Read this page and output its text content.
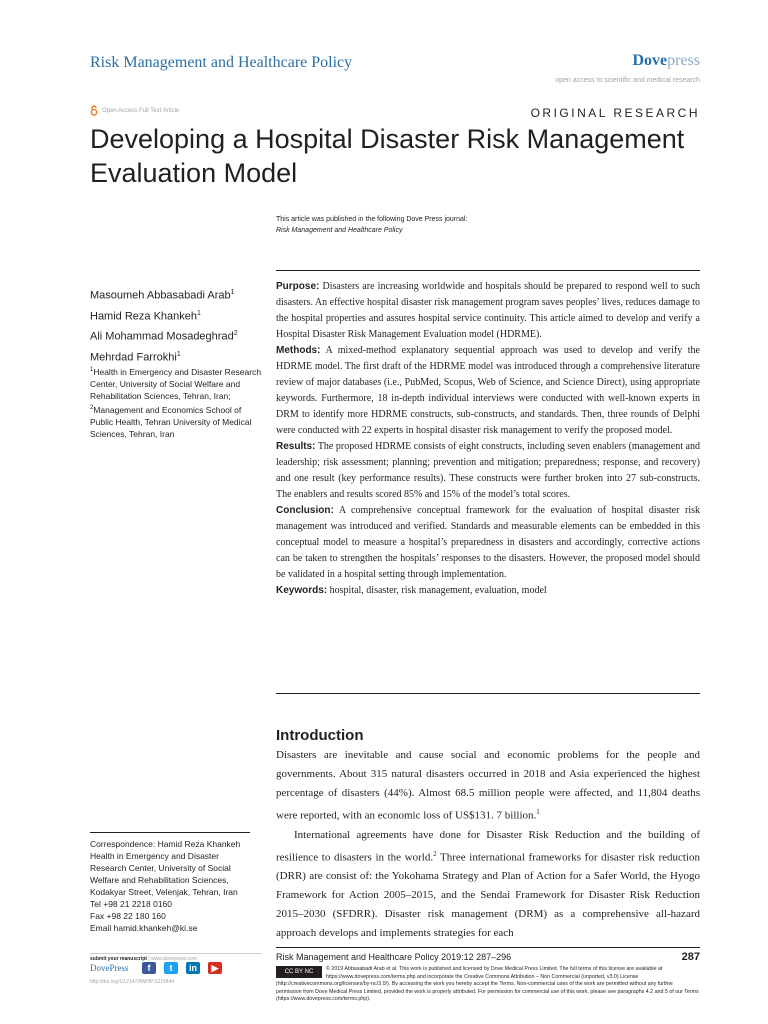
Risk Management and Healthcare Policy	Dovepress
open access to scientific and medical research
Open Access Full Text Article	ORIGINAL RESEARCH
Developing a Hospital Disaster Risk Management Evaluation Model
This article was published in the following Dove Press journal:
Risk Management and Healthcare Policy
Masoumeh Abbasabadi Arab$^1$
Hamid Reza Khankeh$^1$
Ali Mohammad Mosadeghrad$^2$
Mehrdad Farrokhi$^1$
$^1$Health in Emergency and Disaster Research Center, University of Social Welfare and Rehabilitation Sciences, Tehran, Iran; $^2$Management and Economics School of Public Health, Tehran University of Medical Sciences, Tehran, Iran

Purpose: Disasters are increasing worldwide and hospitals should be prepared to respond well to such disasters. An effective hospital disaster risk management program saves peoples’ lives, reduces damage to the hospital properties and assures hospital service continuity. This article aimed to develop and verify a Hospital Disaster Risk Management Evaluation model (HDRME).

Methods: A mixed-method explanatory sequential approach was used to develop and verify the HDRME model. The first draft of the HDRME model was introduced through a comprehensive literature review of major databases (i.e., PubMed, Scopus, Web of Science, and Science Direct), using appropriate keywords. Furthermore, 18 in-depth individual interviews were conducted with well-known experts in DRM to identify more HDRME constructs, sub-constructs, and standards. Then, three rounds of Delphi were conducted with 22 experts in hospital disaster risk management to verify the proposed model.

Results: The proposed HDRME consists of eight constructs, including seven enablers (management and leadership; risk assessment; planning; prevention and mitigation; preparedness; response, and recovery) and one result (key performance results). These constructs were further broken into 27 sub-constructs. The enablers and results scored 85% and 15% of the model’s total scores.

Conclusion: A comprehensive conceptual framework for the evaluation of hospital disaster risk management was introduced and verified. Standards and measurable elements can be embedded in this conceptual model to measure a hospital’s preparedness in disasters and accordingly, corrective actions can be taken to strengthen the hospitals’ responses to the disasters. However, the proposed model should be validated in a hospital setting through implementation.

Keywords: hospital, disaster, risk management, evaluation, model

Introduction

Disasters are inevitable and cause social and economic problems for the people and governments. About 315 natural disasters occurred in 2018 and Asia experienced the highest percentage of disasters (44%). Almost 68.5 million people were affected, and 11,804 deaths were reported, with an economic loss of US$131. 7 billion.$^1$

International agreements have done for Disaster Risk Reduction and the building of resilience to disasters in the world.$^2$ Three international frameworks for disaster risk reduction (DRR) are consist of: the Yokohama Strategy and Plan of Action for a Safer World, the Hyogo Framework for Action 2005–2015, and the Sendai Framework for Disaster Risk Reduction 2015–2030 (SFDRR). Disaster risk management (DRM) as a comprehensive all-hazard approach develops and implements strategies for each

Correspondence: Hamid Reza Khankeh
Health in Emergency and Disaster
Research Center, University of Social
Welfare and Rehabilitation Sciences,
Kodakyar Street, Velenjak, Tehran, Iran
Tel +98 21 2218 0160
Fax +98 22 180 160
Email hamid.khankeh@ki.se
submit your manuscript | www.dovepress.com
DovePress	f	t	in	▶
http://doi.org/10.2147/RMHP.S215444
Risk Management and Healthcare Policy 2019:12 287–296	287
CC BY NC	© 2019 Abbasabadi Arab et al. This work is published and licensed by Dove Medical Press Limited. The full terms of this license are available at https://www.dovepress.com/terms.php and incorporate the Creative Commons Attribution – Non Commercial (unported, v3.0) License (http://creativecommons.org/licenses/by-nc/3.0/). By accessing the work you hereby accept the Terms. Non-commercial uses of the work are permitted without any further permission from Dove Medical Press Limited, provided the work is properly attributed. For permission for commercial use of this work, please see paragraphs 4.2 and 5 of our Terms (https://www.dovepress.com/terms.php).
